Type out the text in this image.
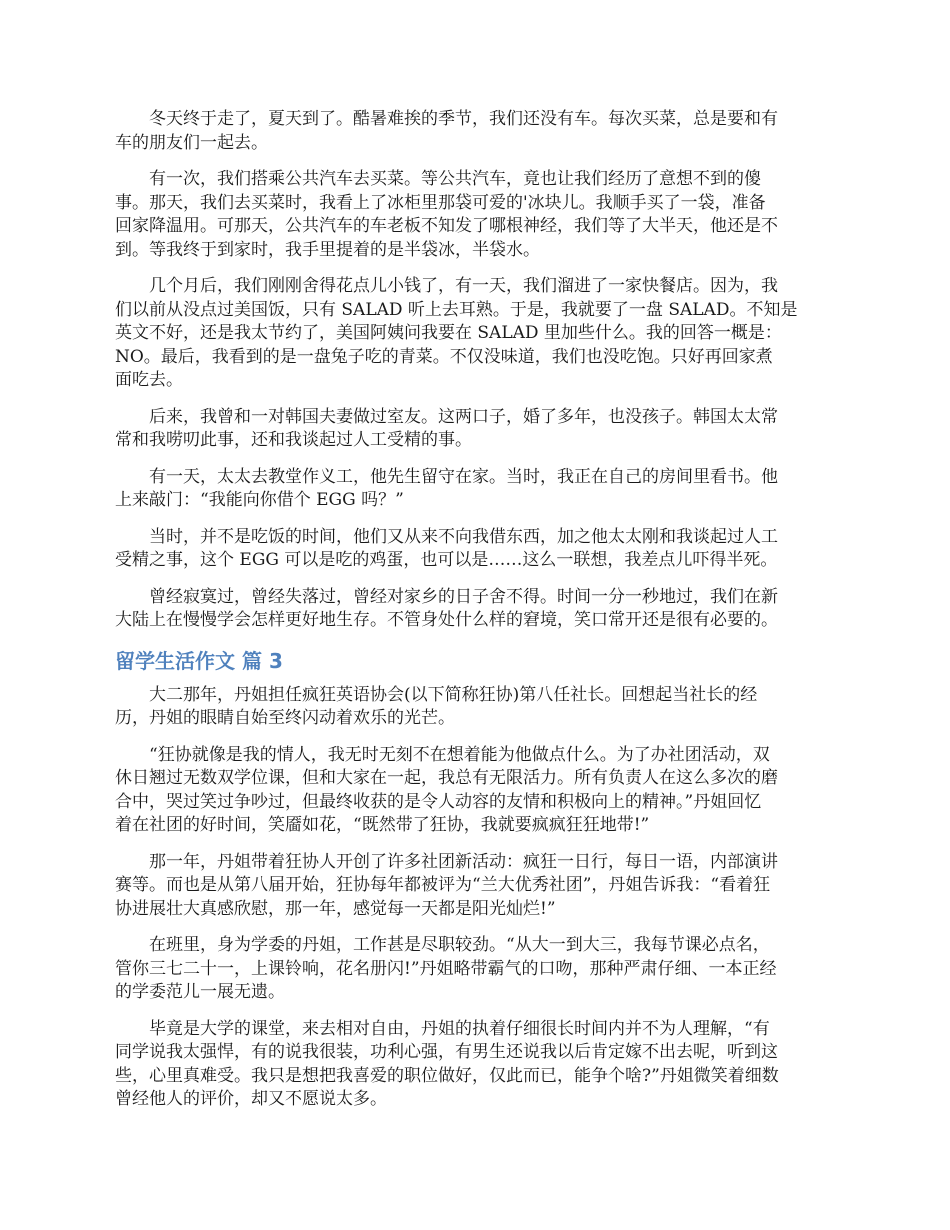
冬天终于走了，夏天到了。酷暑难挨的季节，我们还没有车。每次买菜，总是要和有
车的朋友们一起去。

有一次，我们搭乘公共汽车去买菜。等公共汽车，竟也让我们经历了意想不到的傻
事。那天，我们去买菜时，我看上了冰柜里那袋可爱的'冰块儿。我顺手买了一袋，准备
回家降温用。可那天，公共汽车的车老板不知发了哪根神经，我们等了大半天，他还是不
到。等我终于到家时，我手里提着的是半袋冰，半袋水。

几个月后，我们刚刚舍得花点儿小钱了，有一天，我们溜进了一家快餐店。因为，我
们以前从没点过美国饭，只有 SALAD 听上去耳熟。于是，我就要了一盘 SALAD。不知是
英文不好，还是我太节约了，美国阿姨问我要在 SALAD 里加些什么。我的回答一概是：
NO。最后，我看到的是一盘兔子吃的青菜。不仅没味道，我们也没吃饱。只好再回家煮
面吃去。

后来，我曾和一对韩国夫妻做过室友。这两口子，婚了多年，也没孩子。韩国太太常
常和我唠叨此事，还和我谈起过人工受精的事。

有一天，太太去教堂作义工，他先生留守在家。当时，我正在自己的房间里看书。他
上来敲门：“我能向你借个 EGG 吗？”

当时，并不是吃饭的时间，他们又从来不向我借东西，加之他太太刚和我谈起过人工
受精之事，这个 EGG 可以是吃的鸡蛋，也可以是……这么一联想，我差点儿吓得半死。

曾经寂寞过，曾经失落过，曾经对家乡的日子舍不得。时间一分一秒地过，我们在新
大陆上在慢慢学会怎样更好地生存。不管身处什么样的窘境，笑口常开还是很有必要的。

留学生活作文 篇 3

大二那年，丹姐担任疯狂英语协会(以下简称狂协)第八任社长。回想起当社长的经
历，丹姐的眼睛自始至终闪动着欢乐的光芒。

“狂协就像是我的情人，我无时无刻不在想着能为他做点什么。为了办社团活动，双
休日翘过无数双学位课，但和大家在一起，我总有无限活力。所有负责人在这么多次的磨
合中，哭过笑过争吵过，但最终收获的是令人动容的友情和积极向上的精神。”丹姐回忆
着在社团的好时间，笑靥如花，“既然带了狂协，我就要疯疯狂狂地带!”

那一年，丹姐带着狂协人开创了许多社团新活动：疯狂一日行，每日一语，内部演讲
赛等。而也是从第八届开始，狂协每年都被评为“兰大优秀社团”，丹姐告诉我：“看着狂
协进展壮大真感欣慰，那一年，感觉每一天都是阳光灿烂!”

在班里，身为学委的丹姐，工作甚是尽职较劲。“从大一到大三，我每节课必点名，
管你三七二十一，上课铃响，花名册闪!”丹姐略带霸气的口吻，那种严肃仔细、一本正经
的学委范儿一展无遗。

毕竟是大学的课堂，来去相对自由，丹姐的执着仔细很长时间内并不为人理解，“有
同学说我太强悍，有的说我很装，功利心强，有男生还说我以后肯定嫁不出去呢，听到这
些，心里真难受。我只是想把我喜爱的职位做好，仅此而已，能争个啥?”丹姐微笑着细数
曾经他人的评价，却又不愿说太多。
